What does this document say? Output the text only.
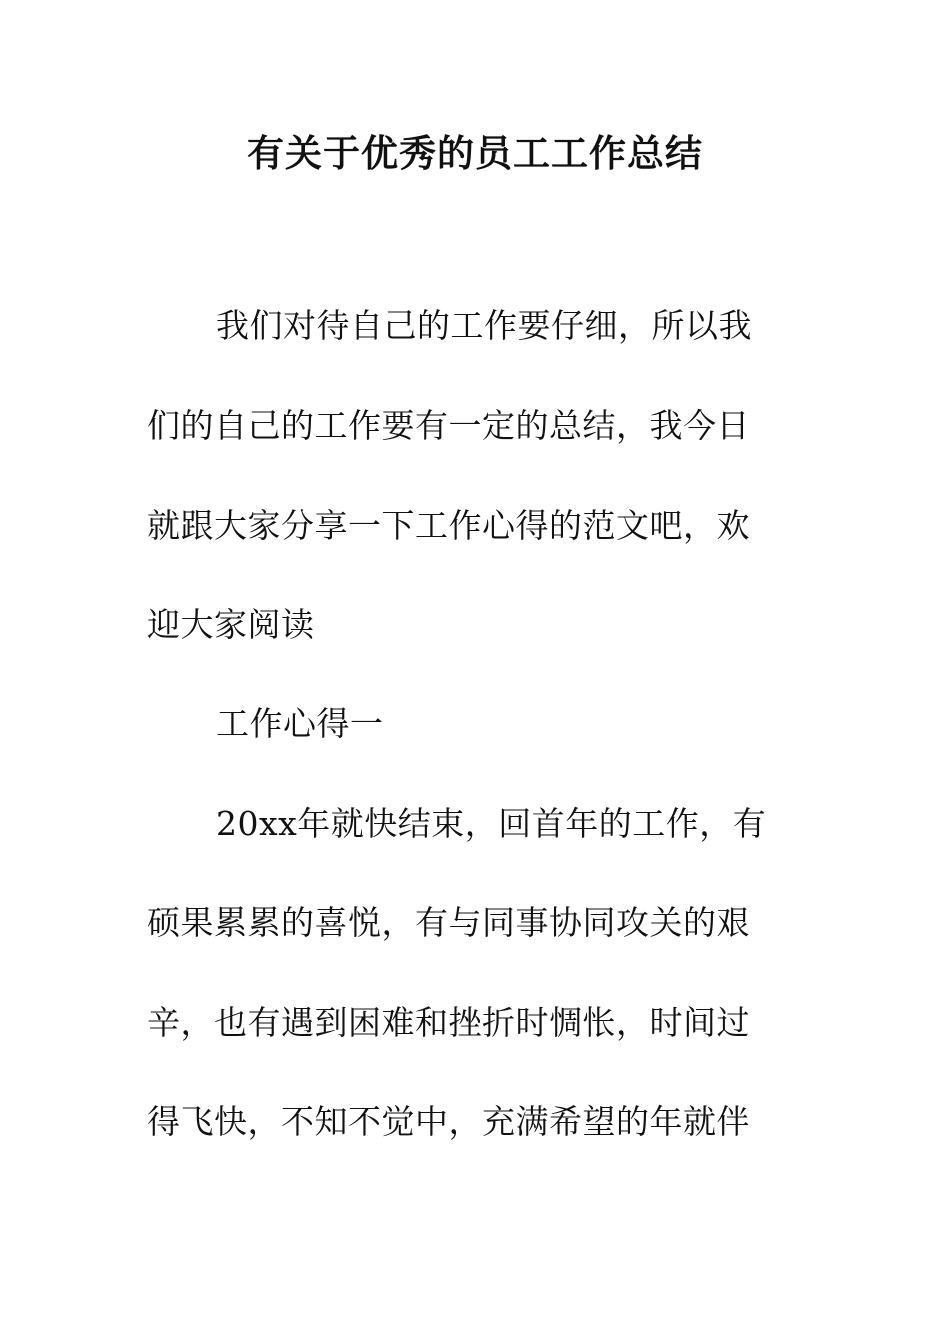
有关于优秀的员工工作总结

我们对待自己的工作要仔细，所以我

们的自己的工作要有一定的总结，我今日

就跟大家分享一下工作心得的范文吧，欢

迎大家阅读

工作心得一

20xx年就快结束，回首年的工作，有

硕果累累的喜悦，有与同事协同攻关的艰

辛，也有遇到困难和挫折时惆怅，时间过

得飞快，不知不觉中，充满希望的年就伴
